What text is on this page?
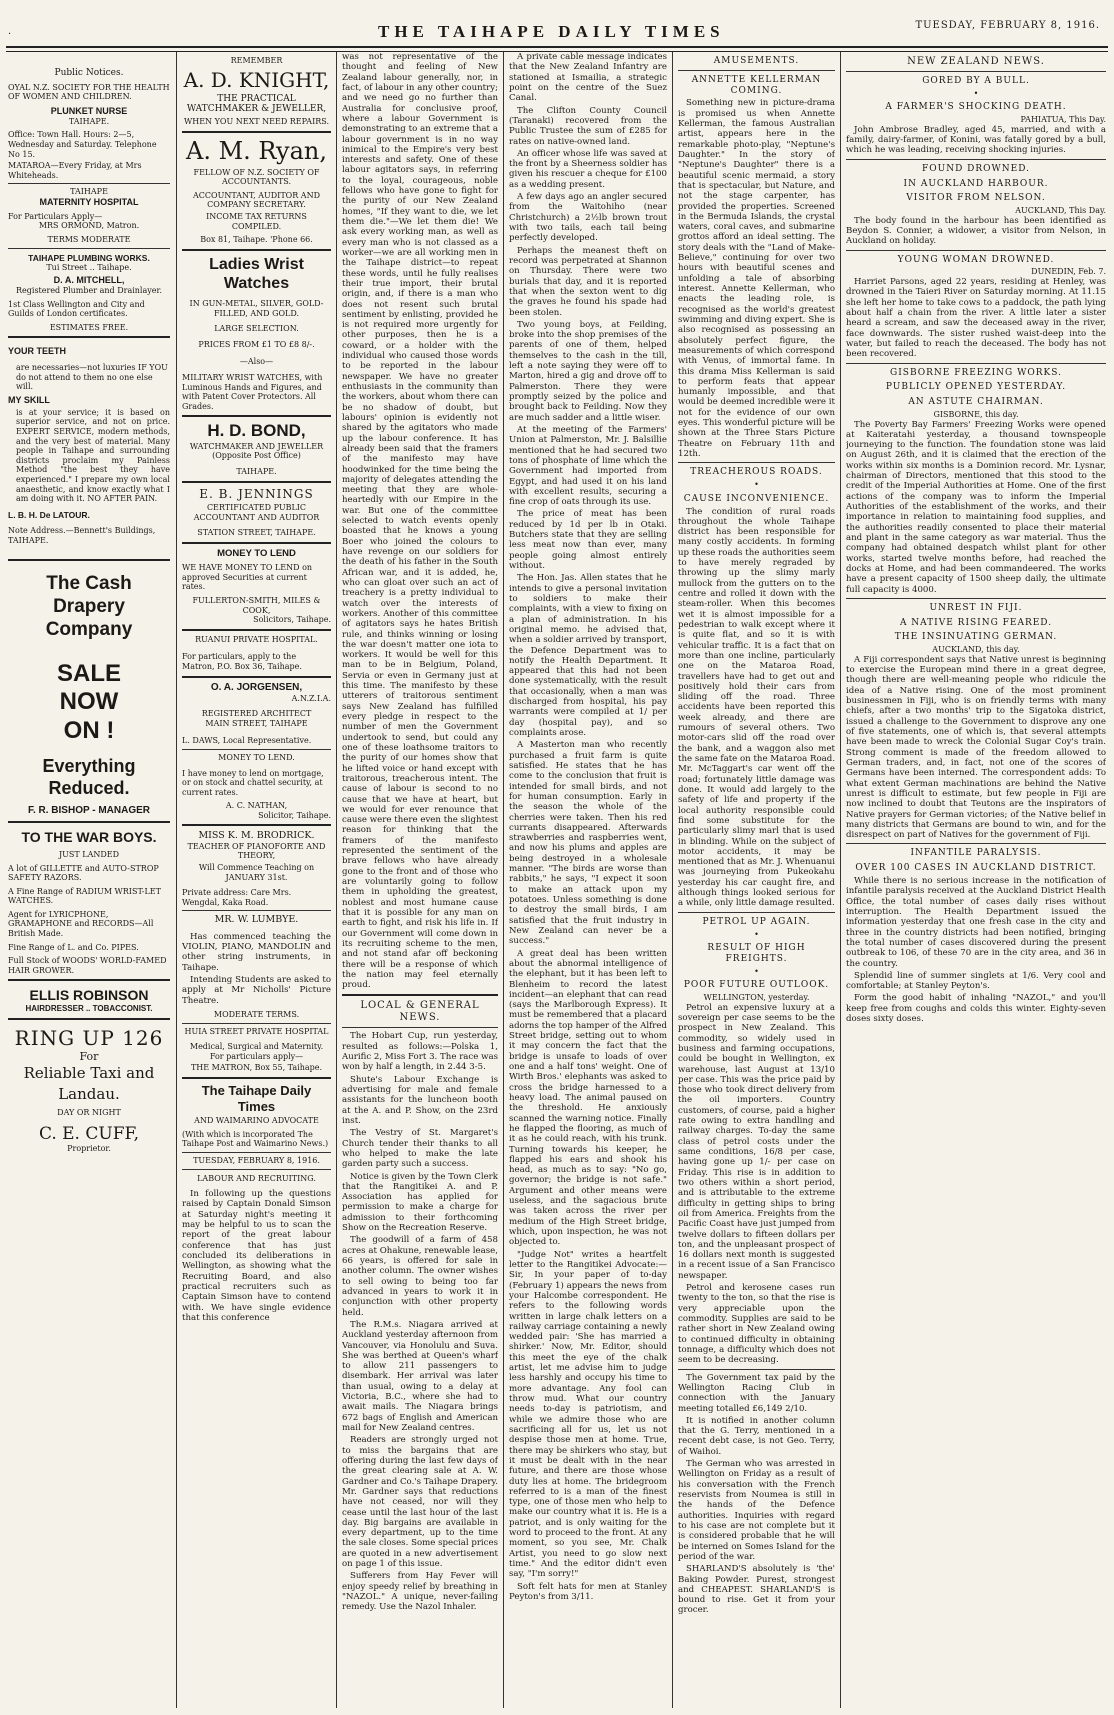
.	THE TAIHAPE DAILY TIMES	TUESDAY, FEBRUARY 8, 1916.
Public Notices.
OYAL N.Z. SOCIETY FOR THE HEALTH OF WOMEN AND CHILDREN.
PLUNKET NURSE
TAIHAPE.
Office: Town Hall. Hours: 2—5, Wednesday and Saturday. Telephone No 15.
MATAROA—Every Friday, at Mrs Whiteheads.
TAIHAPE
MATERNITY HOSPITAL
For Particulars Apply—
MRS ORMOND, Matron.
TERMS MODERATE
TAIHAPE PLUMBING WORKS.
Tui Street .. Taihape.
D. A. MITCHELL,
Registered Plumber and Drainlayer.
1st Class Wellington and City and Guilds of London certificates.
ESTIMATES FREE.
YOUR TEETH
are necessaries—not luxuries IF YOU do not attend to them no one else will.
MY SKILL
is at your service; it is based on superior service, and not on price. EXPERT SERVICE, modern methods, and the very best of material. Many people in Taihape and surrounding districts proclaim my Painless Method "the best they have experienced." I prepare my own local anaesthetic, and know exactly what I am doing with it. NO AFTER PAIN.
L. B. H. De LATOUR.
Note Address.—Bennett's Buildings, TAIHAPE.
The Cash Drapery Company
SALE
NOW
ON !
Everything Reduced.
F. R. BISHOP - MANAGER
TO THE WAR BOYS.
JUST LANDED
A lot of GILLETTE and AUTO-STROP SAFETY RAZORS.
A Fine Range of RADIUM WRIST-LET WATCHES.
Agent for LYRICPHONE, GRAMAPHONE and RECORDS—All British Made.
Fine Range of L. and Co. PIPES.
Full Stock of WOODS' WORLD-FAMED HAIR GROWER.
ELLIS ROBINSON
HAIRDRESSER .. TOBACCONIST.
RING UP 126
For
Reliable Taxi and Landau.
DAY OR NIGHT
C. E. CUFF,
Proprietor.
REMEMBER
A. D. KNIGHT,
THE PRACTICAL WATCHMAKER & JEWELLER,
WHEN YOU NEXT NEED REPAIRS.
A. M. Ryan,
FELLOW OF N.Z. SOCIETY OF ACCOUNTANTS.
ACCOUNTANT, AUDITOR AND COMPANY SECRETARY.
INCOME TAX RETURNS COMPILED.
Box 81, Taihape. 'Phone 66.
Ladies Wrist Watches
IN GUN-METAL, SILVER, GOLD-FILLED, AND GOLD.
LARGE SELECTION.
PRICES FROM £1 TO £8 8/-.
—Also—
MILITARY WRIST WATCHES, with Luminous Hands and Figures, and with Patent Cover Protectors. All Grades.
H. D. BOND,
WATCHMAKER AND JEWELLER
(Opposite Post Office)
TAIHAPE.
E. B. JENNINGS
CERTIFICATED PUBLIC ACCOUNTANT AND AUDITOR
STATION STREET, TAIHAPE.
MONEY TO LEND
WE HAVE MONEY TO LEND on approved Securities at current rates.
FULLERTON-SMITH, MILES & COOK,
Solicitors, Taihape.
RUANUI PRIVATE HOSPITAL.
For particulars, apply to the Matron, P.O. Box 36, Taihape.
O. A. JORGENSEN,
A.N.Z.I.A.
REGISTERED ARCHITECT
MAIN STREET, TAIHAPE
L. DAWS, Local Representative.
MONEY TO LEND.
I have money to lend on mortgage, or on stock and chattel security, at current rates.
A. C. NATHAN,
Solicitor, Taihape.
MISS K. M. BRODRICK.
TEACHER OF PIANOFORTE AND THEORY,
Will Commence Teaching on JANUARY 31st.
Private address: Care Mrs. Wengdal, Kaka Road.
MR. W. LUMBYE.

Has commenced teaching the VIOLIN, PIANO, MANDOLIN and other string instruments, in Taihape.

Intending Students are asked to apply at Mr Nicholls' Picture Theatre.

MODERATE TERMS.
HUIA STREET PRIVATE HOSPITAL
Medical, Surgical and Maternity. For particulars apply—
THE MATRON, Box 55, Taihape.
The Taihape Daily Times
AND WAIMARINO ADVOCATE
(With which is incorporated The Taihape Post and Waimarino News.)
TUESDAY, FEBRUARY 8, 1916.
LABOUR AND RECRUITING.

In following up the questions raised by Captain Donald Simson at Saturday night's meeting it may be helpful to us to scan the report of the great labour conference that has just concluded its deliberations in Wellington, as showing what the Recruiting Board, and also practical recruiters such as Captain Simson have to contend with. We have single evidence that this conference

was not representative of the thought and feeling of New Zealand labour generally, nor, in fact, of labour in any other country; and we need go no further than Australia for conclusive proof, where a labour Government is demonstrating to an extreme that a labour government is in no way inimical to the Empire's very best interests and safety. One of these labour agitators says, in referring to the loyal, courageous, noble fellows who have gone to fight for the purity of our New Zealand homes, "If they want to die, we let them die."—We let them die! We ask every working man, as well as every man who is not classed as a worker—we are all working men in the Taihape district—to repeat these words, until he fully realises their true import, their brutal origin, and, if there is a man who does not resent such brutal sentiment by enlisting, provided he is not required more urgently for other purposes, then he is a coward, or a holder with the individual who caused those words to be reported in the labour newspaper. We have no greater enthusiasts in the community than the workers, about whom there can be no shadow of doubt, but labours' opinion is evidently not shared by the agitators who made up the labour conference. It has already been said that the framers of the manifesto may have hoodwinked for the time being the majority of delegates attending the meeting that they are whole-heartedly with our Empire in the war. But one of the committee selected to watch events openly boasted that he knows a young Boer who joined the colours to have revenge on our soldiers for the death of his father in the South African war, and it is added, he, who can gloat over such an act of treachery is a pretty individual to watch over the interests of workers. Another of this committee of agitators says he hates British rule, and thinks winning or losing the war doesn't matter one iota to workers. It would be well for this man to be in Belgium, Poland, Servia or even in Germany just at this time. The manifesto by these utterers of traitorous sentiment says New Zealand has fulfilled every pledge in respect to the number of men the Government undertook to send, but could any one of these loathsome traitors to the purity of our homes show that he lifted voice or hand except with traitorous, treacherous intent. The cause of labour is second to no cause that we have at heart, but we would for ever renounce that cause were there even the slightest reason for thinking that the framers of the manifesto represented the sentiment of the brave fellows who have already gone to the front and of those who are voluntarily going to follow them in upholding the greatest, noblest and most humane cause that it is possible for any man on earth to fight, and risk his life in. If our Government will come down in its recruiting scheme to the men, and not stand afar off beckoning there will be a response of which the nation may feel eternally proud.

LOCAL & GENERAL NEWS.

The Hobart Cup, run yesterday, resulted as follows:—Polska 1, Aurific 2, Miss Fort 3. The race was won by half a length, in 2.44 3-5.

Shute's Labour Exchange is advertising for male and female assistants for the luncheon booth at the A. and P. Show, on the 23rd inst.

The Vestry of St. Margaret's Church tender their thanks to all who helped to make the late garden party such a success.

Notice is given by the Town Clerk that the Rangitikei A. and P. Association has applied for permission to make a charge for admission to their forthcoming Show on the Recreation Reserve.

The goodwill of a farm of 458 acres at Ohakune, renewable lease, 66 years, is offered for sale in another column. The owner wishes to sell owing to being too far advanced in years to work it in conjunction with other property held.

The R.M.s. Niagara arrived at Auckland yesterday afternoon from Vancouver, via Honolulu and Suva. She was berthed at Queen's wharf to allow 211 passengers to disembark. Her arrival was later than usual, owing to a delay at Victoria, B.C., where she had to await mails. The Niagara brings 672 bags of English and American mail for New Zealand centres.

Readers are strongly urged not to miss the bargains that are offering during the last few days of the great clearing sale at A. W. Gardner and Co.'s Taihape Drapery. Mr. Gardner says that reductions have not ceased, nor will they cease until the last hour of the last day. Big bargains are available in every department, up to the time the sale closes. Some special prices are quoted in a new advertisement on page 1 of this issue.

Sufferers from Hay Fever will enjoy speedy relief by breathing in "NAZOL." A unique, never-failing remedy. Use the Nazol Inhaler.

A private cable message indicates that the New Zealand Infantry are stationed at Ismailia, a strategic point on the centre of the Suez Canal.

The Clifton County Council (Taranaki) recovered from the Public Trustee the sum of £285 for rates on native-owned land.

An officer whose life was saved at the front by a Sheerness soldier has given his rescuer a cheque for £100 as a wedding present.

A few days ago an angler secured from the Waitohiho (near Christchurch) a 2½lb brown trout with two tails, each tail being perfectly developed.

Perhaps the meanest theft on record was perpetrated at Shannon on Thursday. There were two burials that day, and it is reported that when the sexton went to dig the graves he found his spade had been stolen.

Two young boys, at Feilding, broke into the shop premises of the parents of one of them, helped themselves to the cash in the till, left a note saying they were off to Marton, hired a gig and drove off to Palmerston. There they were promptly seized by the police and brought back to Feilding. Now they are much sadder and a little wiser.

At the meeting of the Farmers' Union at Palmerston, Mr. J. Balsillie mentioned that he had secured two tons of phosphate of lime which the Government had imported from Egypt, and had used it on his land with excellent results, securing a fine crop of oats through its use.

The price of meat has been reduced by 1d per lb in Otaki. Butchers state that they are selling less meat now than ever, many people going almost entirely without.

The Hon. Jas. Allen states that he intends to give a personal invitation to soldiers to make their complaints, with a view to fixing on a plan of administration. In his original memo. he advised that, when a soldier arrived by transport, the Defence Department was to notify the Health Department. It appeared that this had not been done systematically, with the result that occasionally, when a man was discharged from hospital, his pay warrants were compiled at 1/ per day (hospital pay), and so complaints arose.

A Masterton man who recently purchased a fruit farm is quite satisfied. He states that he has come to the conclusion that fruit is intended for small birds, and not for human consumption. Early in the season the whole of the cherries were taken. Then his red currants disappeared. Afterwards strawberries and raspberries went, and now his plums and apples are being destroyed in a wholesale manner. "The birds are worse than rabbits," he says, "I expect it soon to make an attack upon my potatoes. Unless something is done to destroy the small birds, I am satisfied that the fruit industry in New Zealand can never be a success."

A great deal has been written about the abnormal intelligence of the elephant, but it has been left to Blenheim to record the latest incident—an elephant that can read (says the Marlborough Express). It must be remembered that a placard adorns the top hamper of the Alfred Street bridge, setting out to whom it may concern the fact that the bridge is unsafe to loads of over one and a half tons' weight. One of Wirth Bros.' elephants was asked to cross the bridge harnessed to a heavy load. The animal paused on the threshold. He anxiously scanned the warning notice. Finally he flapped the flooring, as much of it as he could reach, with his trunk. Turning towards his keeper, he flapped his ears and shook his head, as much as to say: "No go, governor; the bridge is not safe." Argument and other means were useless, and the sagacious brute was taken across the river per medium of the High Street bridge, which, upon inspection, he was not objected to.

"Judge Not" writes a heartfelt letter to the Rangitikei Advocate:—Sir, In your paper of to-day (February 1) appears the news from your Halcombe correspondent. He refers to the following words written in large chalk letters on a railway carriage containing a newly wedded pair: 'She has married a shirker.' Now, Mr. Editor, should this meet the eye of the chalk artist, let me advise him to judge less harshly and occupy his time to more advantage. Any fool can throw mud. What our country needs to-day is patriotism, and while we admire those who are sacrificing all for us, let us not despise those men at home. True, there may be shirkers who stay, but it must be dealt with in the near future, and there are those whose duty lies at home. The bridegroom referred to is a man of the finest type, one of those men who help to make our country what it is. He is a patriot, and is only waiting for the word to proceed to the front. At any moment, so you see, Mr. Chalk Artist, you need to go slow next time." And the editor didn't even say, "I'm sorry!"

Soft felt hats for men at Stanley Peyton's from 3/11.

AMUSEMENTS.
ANNETTE KELLERMAN COMING.

Something new in picture-drama is promised us when Annette Kellerman, the famous Australian artist, appears here in the remarkable photo-play, "Neptune's Daughter." In the story of "Neptune's Daughter" there is a beautiful scenic mermaid, a story that is spectacular, but Nature, and not the stage carpenter, has provided the properties. Screened in the Bermuda Islands, the crystal waters, coral caves, and submarine grottos afford an ideal setting. The story deals with the "Land of Make-Believe," continuing for over two hours with beautiful scenes and unfolding a tale of absorbing interest. Annette Kellerman, who enacts the leading role, is recognised as the world's greatest swimming and diving expert. She is also recognised as possessing an absolutely perfect figure, the measurements of which correspond with Venus, of immortal fame. In this drama Miss Kellerman is said to perform feats that appear humanly impossible, and that would be deemed incredible were it not for the evidence of our own eyes. This wonderful picture will be shown at the Three Stars Picture Theatre on February 11th and 12th.

TREACHEROUS ROADS.
•
CAUSE INCONVENIENCE.

The condition of rural roads throughout the whole Taihape district has been responsible for many costly accidents. In forming up these roads the authorities seem to have merely regraded by throwing up the slimy marly mullock from the gutters on to the centre and rolled it down with the steam-roller. When this becomes wet it is almost impossible for a pedestrian to walk except where it is quite flat, and so it is with vehicular traffic. It is a fact that on more than one incline, particularly one on the Mataroa Road, travellers have had to get out and positively hold their cars from sliding off the road. Three accidents have been reported this week already, and there are rumours of several others. Two motor-cars slid off the road over the bank, and a waggon also met the same fate on the Mataroa Road. Mr. McTaggart's car went off the road; fortunately little damage was done. It would add largely to the safety of life and property if the local authority responsible could find some substitute for the particularly slimy marl that is used in blinding. While on the subject of motor accidents, it may be mentioned that as Mr. J. Whenuanui was journeying from Pukeokahu yesterday his car caught fire, and although things looked serious for a while, only little damage resulted.

PETROL UP AGAIN.
•
RESULT OF HIGH FREIGHTS.
•
POOR FUTURE OUTLOOK.
WELLINGTON, yesterday.

Petrol an expensive luxury at a sovereign per case seems to be the prospect in New Zealand. This commodity, so widely used in business and farming occupations, could be bought in Wellington, ex warehouse, last August at 13/10 per case. This was the price paid by those who took direct delivery from the oil importers. Country customers, of course, paid a higher rate owing to extra handling and railway charges. To-day the same class of petrol costs under the same conditions, 16/8 per case, having gone up 1/- per case on Friday. This rise is in addition to two others within a short period, and is attributable to the extreme difficulty in getting ships to bring oil from America. Freights from the Pacific Coast have just jumped from twelve dollars to fifteen dollars per ton, and the unpleasant prospect of 16 dollars next month is suggested in a recent issue of a San Francisco newspaper.

Petrol and kerosene cases run twenty to the ton, so that the rise is very appreciable upon the commodity. Supplies are said to be rather short in New Zealand owing to continued difficulty in obtaining tonnage, a difficulty which does not seem to be decreasing.

The Government tax paid by the Wellington Racing Club in connection with the January meeting totalled £6,149 2/10.

It is notified in another column that the G. Terry, mentioned in a recent debt case, is not Geo. Terry, of Waihoi.

The German who was arrested in Wellington on Friday as a result of his conversation with the French reservists from Noumea is still in the hands of the Defence authorities. Inquiries with regard to his case are not complete but it is considered probable that he will be interned on Somes Island for the period of the war.

SHARLAND'S absolutely is 'the' Baking Powder. Purest, strongest and CHEAPEST. SHARLAND'S is bound to rise. Get it from your grocer.

NEW ZEALAND NEWS.
GORED BY A BULL.
•
A FARMER'S SHOCKING DEATH.
PAHIATUA, This Day.

John Ambrose Bradley, aged 45, married, and with a family, dairy-farmer, of Konini, was fatally gored by a bull, which he was leading, receiving shocking injuries.

FOUND DROWNED.
IN AUCKLAND HARBOUR.
VISITOR FROM NELSON.
AUCKLAND, This Day.

The body found in the harbour has been identified as Beydon S. Connier, a widower, a visitor from Nelson, in Auckland on holiday.

YOUNG WOMAN DROWNED.
DUNEDIN, Feb. 7.

Harriet Parsons, aged 22 years, residing at Henley, was drowned in the Taieri River on Saturday morning. At 11.15 she left her home to take cows to a paddock, the path lying about half a chain from the river. A little later a sister heard a scream, and saw the deceased away in the river, face downwards. The sister rushed waist-deep into the water, but failed to reach the deceased. The body has not been recovered.

GISBORNE FREEZING WORKS.
PUBLICLY OPENED YESTERDAY.
AN ASTUTE CHAIRMAN.
GISBORNE, this day.

The Poverty Bay Farmers' Freezing Works were opened at Kaiteratahi yesterday, a thousand townspeople journeying to the function. The foundation stone was laid on August 26th, and it is claimed that the erection of the works within six months is a Dominion record. Mr. Lysnar, chairman of Directors, mentioned that this stood to the credit of the Imperial Authorities at Home. One of the first actions of the company was to inform the Imperial Authorities of the establishment of the works, and their importance in relation to maintaining food supplies, and the authorities readily consented to place their material and plant in the same category as war material. Thus the company had obtained despatch whilst plant for other works, started twelve months before, had reached the docks at Home, and had been commandeered. The works have a present capacity of 1500 sheep daily, the ultimate full capacity is 4000.

UNREST IN FIJI.
A NATIVE RISING FEARED.
THE INSINUATING GERMAN.
AUCKLAND, this day.

A Fiji correspondent says that Native unrest is beginning to exercise the European mind there in a great degree, though there are well-meaning people who ridicule the idea of a Native rising. One of the most prominent businessmen in Fiji, who is on friendly terms with many chiefs, after a two months' trip to the Sigatoka district, issued a challenge to the Government to disprove any one of five statements, one of which is, that several attempts have been made to wreck the Colonial Sugar Coy's train. Strong comment is made of the freedom allowed to German traders, and, in fact, not one of the scores of Germans have been interned. The correspondent adds: To what extent German machinations are behind the Native unrest is difficult to estimate, but few people in Fiji are now inclined to doubt that Teutons are the inspirators of Native prayers for German victories; of the Native belief in many districts that Germans are bound to win, and for the disrespect on part of Natives for the government of Fiji.

INFANTILE PARALYSIS.
OVER 100 CASES IN AUCKLAND DISTRICT.

While there is no serious increase in the notification of infantile paralysis received at the Auckland District Health Office, the total number of cases daily rises without interruption. The Health Department issued the information yesterday that one fresh case in the city and three in the country districts had been notified, bringing the total number of cases discovered during the present outbreak to 106, of these 70 are in the city area, and 36 in the country.

Splendid line of summer singlets at 1/6. Very cool and comfortable; at Stanley Peyton's.

Form the good habit of inhaling "NAZOL," and you'll keep free from coughs and colds this winter. Eighty-seven doses sixty doses.
